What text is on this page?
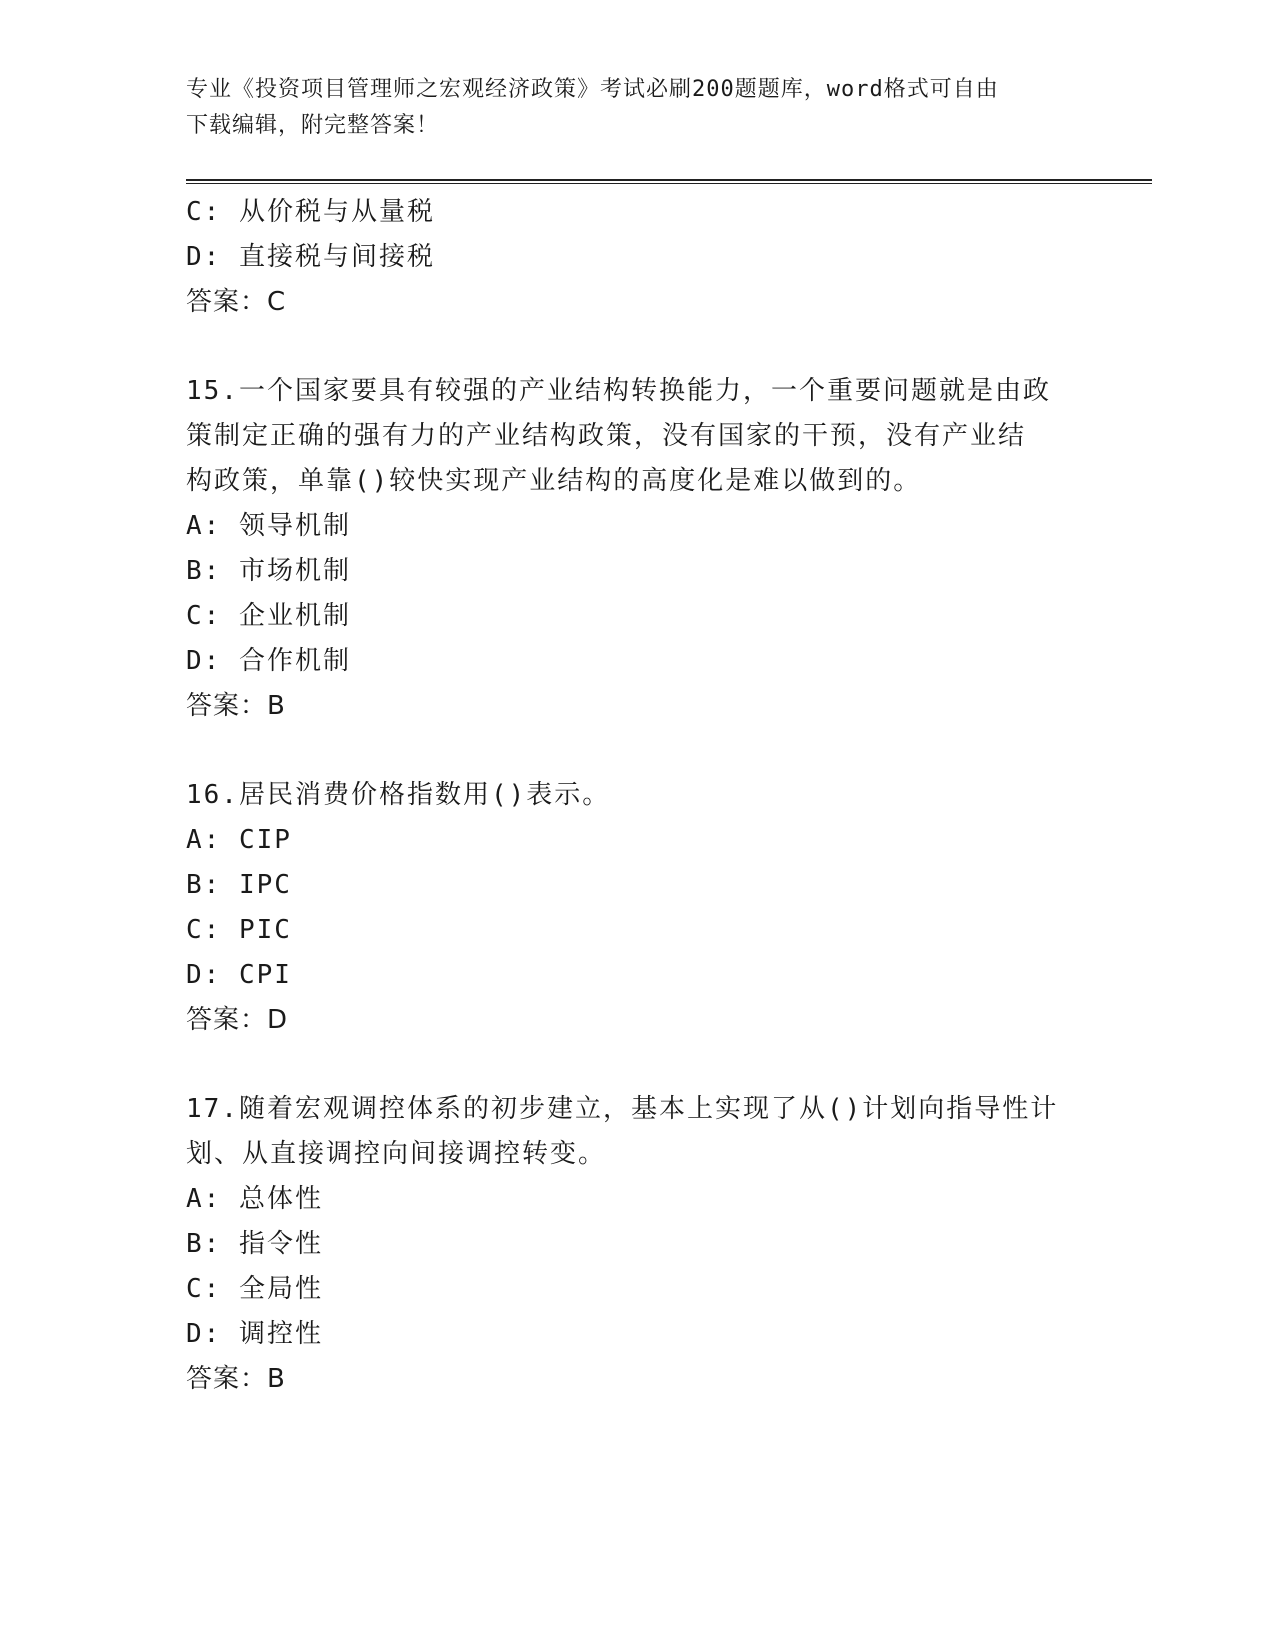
专业《投资项目管理师之宏观经济政策》考试必刷200题题库，word格式可自由
下载编辑，附完整答案！
C: 从价税与从量税
D: 直接税与间接税
答案：C
15.一个国家要具有较强的产业结构转换能力，一个重要问题就是由政
策制定正确的强有力的产业结构政策，没有国家的干预，没有产业结
构政策，单靠()较快实现产业结构的高度化是难以做到的。
A: 领导机制
B: 市场机制
C: 企业机制
D: 合作机制
答案：B
16.居民消费价格指数用()表示。
A: CIP
B: IPC
C: PIC
D: CPI
答案：D
17.随着宏观调控体系的初步建立，基本上实现了从()计划向指导性计
划、从直接调控向间接调控转变。
A: 总体性
B: 指令性
C: 全局性
D: 调控性
答案：B
